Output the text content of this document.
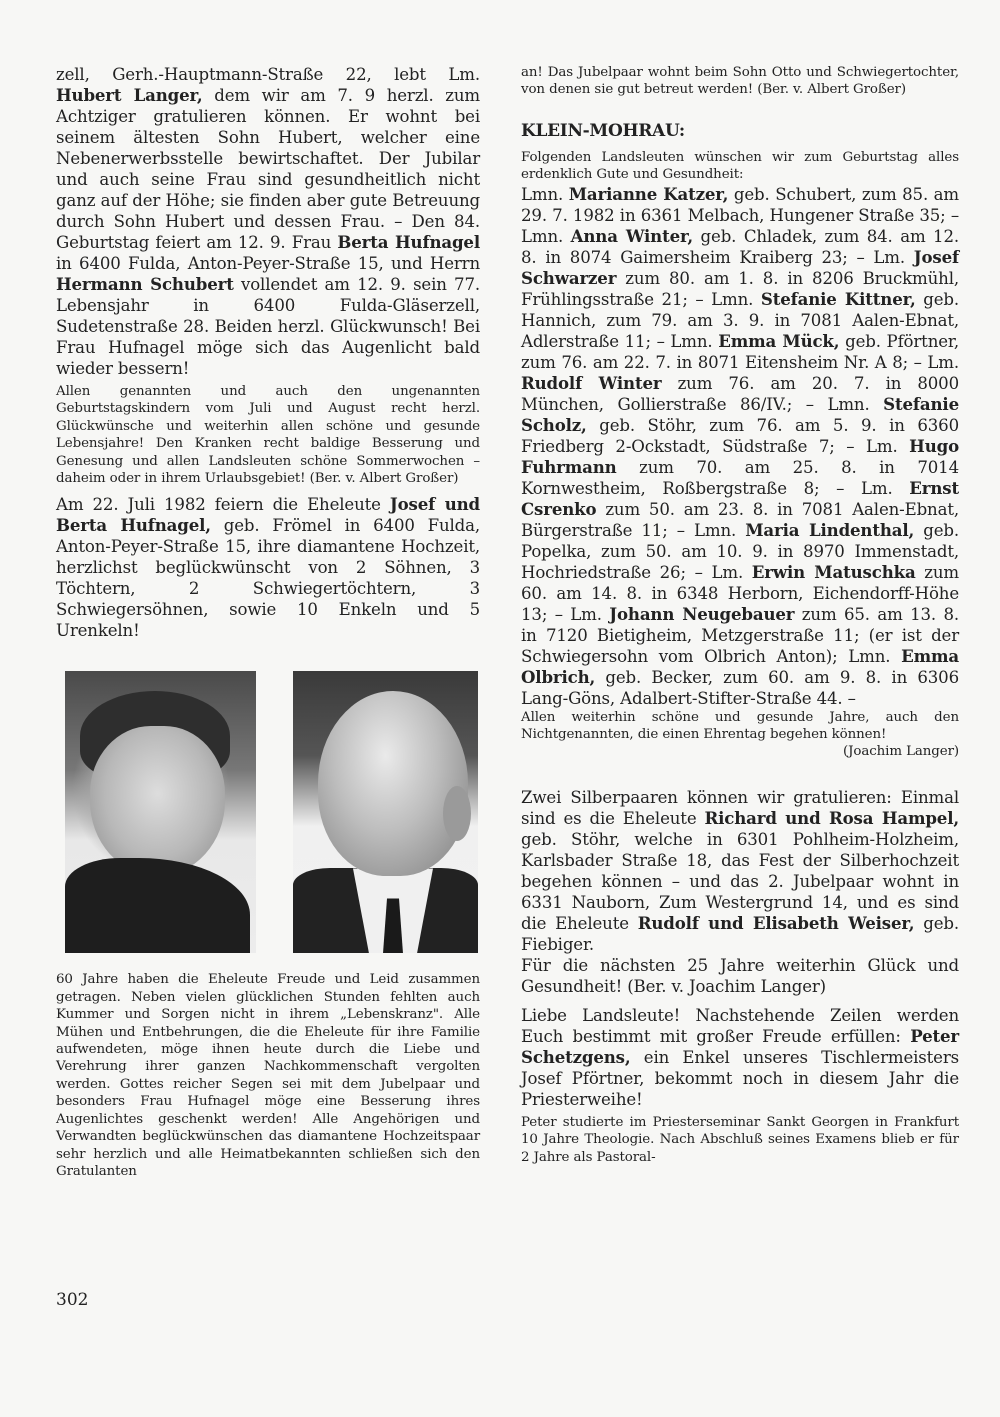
zell, Gerh.-Hauptmann-Straße 22, lebt Lm. Hubert Langer, dem wir am 7. 9 herzl. zum Achtziger gratulieren können. Er wohnt bei seinem ältesten Sohn Hubert, welcher eine Nebenerwerbsstelle bewirtschaftet. Der Jubilar und auch seine Frau sind gesundheitlich nicht ganz auf der Höhe; sie finden aber gute Betreuung durch Sohn Hubert und dessen Frau. – Den 84. Geburtstag feiert am 12. 9. Frau Berta Hufnagel in 6400 Fulda, Anton-Peyer-Straße 15, und Herrn Hermann Schubert vollendet am 12. 9. sein 77. Lebensjahr in 6400 Fulda-Gläserzell, Sudetenstraße 28. Beiden herzl. Glückwunsch! Bei Frau Hufnagel möge sich das Augenlicht bald wieder bessern!

Allen genannten und auch den ungenannten Geburtstagskindern vom Juli und August recht herzl. Glückwünsche und weiterhin allen schöne und gesunde Lebensjahre! Den Kranken recht baldige Besserung und Genesung und allen Landsleuten schöne Sommerwochen – daheim oder in ihrem Urlaubsgebiet! (Ber. v. Albert Großer)

Am 22. Juli 1982 feiern die Eheleute Josef und Berta Hufnagel, geb. Frömel in 6400 Fulda, Anton-Peyer-Straße 15, ihre diamantene Hochzeit, herzlichst beglückwünscht von 2 Söhnen, 3 Töchtern, 2 Schwiegertöchtern, 3 Schwiegersöhnen, sowie 10 Enkeln und 5 Urenkeln!

60 Jahre haben die Eheleute Freude und Leid zusammen getragen. Neben vielen glücklichen Stunden fehlten auch Kummer und Sorgen nicht in ihrem „Lebenskranz". Alle Mühen und Entbehrungen, die die Eheleute für ihre Familie aufwendeten, möge ihnen heute durch die Liebe und Verehrung ihrer ganzen Nachkommenschaft vergolten werden. Gottes reicher Segen sei mit dem Jubelpaar und besonders Frau Hufnagel möge eine Besserung ihres Augenlichtes geschenkt werden! Alle Angehörigen und Verwandten beglückwünschen das diamantene Hochzeitspaar sehr herzlich und alle Heimatbekannten schließen sich den Gratulanten

an! Das Jubelpaar wohnt beim Sohn Otto und Schwiegertochter, von denen sie gut betreut werden! (Ber. v. Albert Großer)

KLEIN-MOHRAU:

Folgenden Landsleuten wünschen wir zum Geburtstag alles erdenklich Gute und Gesundheit:

Lmn. Marianne Katzer, geb. Schubert, zum 85. am 29. 7. 1982 in 6361 Melbach, Hungener Straße 35; – Lmn. Anna Winter, geb. Chladek, zum 84. am 12. 8. in 8074 Gaimersheim Kraiberg 23; – Lm. Josef Schwarzer zum 80. am 1. 8. in 8206 Bruckmühl, Frühlingsstraße 21; – Lmn. Stefanie Kittner, geb. Hannich, zum 79. am 3. 9. in 7081 Aalen-Ebnat, Adlerstraße 11; – Lmn. Emma Mück, geb. Pförtner, zum 76. am 22. 7. in 8071 Eitensheim Nr. A 8; – Lm. Rudolf Winter zum 76. am 20. 7. in 8000 München, Gollierstraße 86/IV.; – Lmn. Stefanie Scholz, geb. Stöhr, zum 76. am 5. 9. in 6360 Friedberg 2-Ockstadt, Südstraße 7; – Lm. Hugo Fuhrmann zum 70. am 25. 8. in 7014 Kornwestheim, Roßbergstraße 8; – Lm. Ernst Csrenko zum 50. am 23. 8. in 7081 Aalen-Ebnat, Bürgerstraße 11; – Lmn. Maria Lindenthal, geb. Popelka, zum 50. am 10. 9. in 8970 Immenstadt, Hochriedstraße 26; – Lm. Erwin Matuschka zum 60. am 14. 8. in 6348 Herborn, Eichendorff-Höhe 13; – Lm. Johann Neugebauer zum 65. am 13. 8. in 7120 Bietigheim, Metzgerstraße 11; (er ist der Schwiegersohn vom Olbrich Anton); Lmn. Emma Olbrich, geb. Becker, zum 60. am 9. 8. in 6306 Lang-Göns, Adalbert-Stifter-Straße 44. –

Allen weiterhin schöne und gesunde Jahre, auch den Nichtgenannten, die einen Ehrentag begehen können!

(Joachim Langer)

Zwei Silberpaaren können wir gratulieren: Einmal sind es die Eheleute Richard und Rosa Hampel, geb. Stöhr, welche in 6301 Pohlheim-Holzheim, Karlsbader Straße 18, das Fest der Silberhochzeit begehen können – und das 2. Jubelpaar wohnt in 6331 Nauborn, Zum Westergrund 14, und es sind die Eheleute Rudolf und Elisabeth Weiser, geb. Fiebiger.

Für die nächsten 25 Jahre weiterhin Glück und Gesundheit! (Ber. v. Joachim Langer)

Liebe Landsleute! Nachstehende Zeilen werden Euch bestimmt mit großer Freude erfüllen: Peter Schetzgens, ein Enkel unseres Tischlermeisters Josef Pförtner, bekommt noch in diesem Jahr die Priesterweihe!

Peter studierte im Priesterseminar Sankt Georgen in Frankfurt 10 Jahre Theologie. Nach Abschluß seines Examens blieb er für 2 Jahre als Pastoral-

302
